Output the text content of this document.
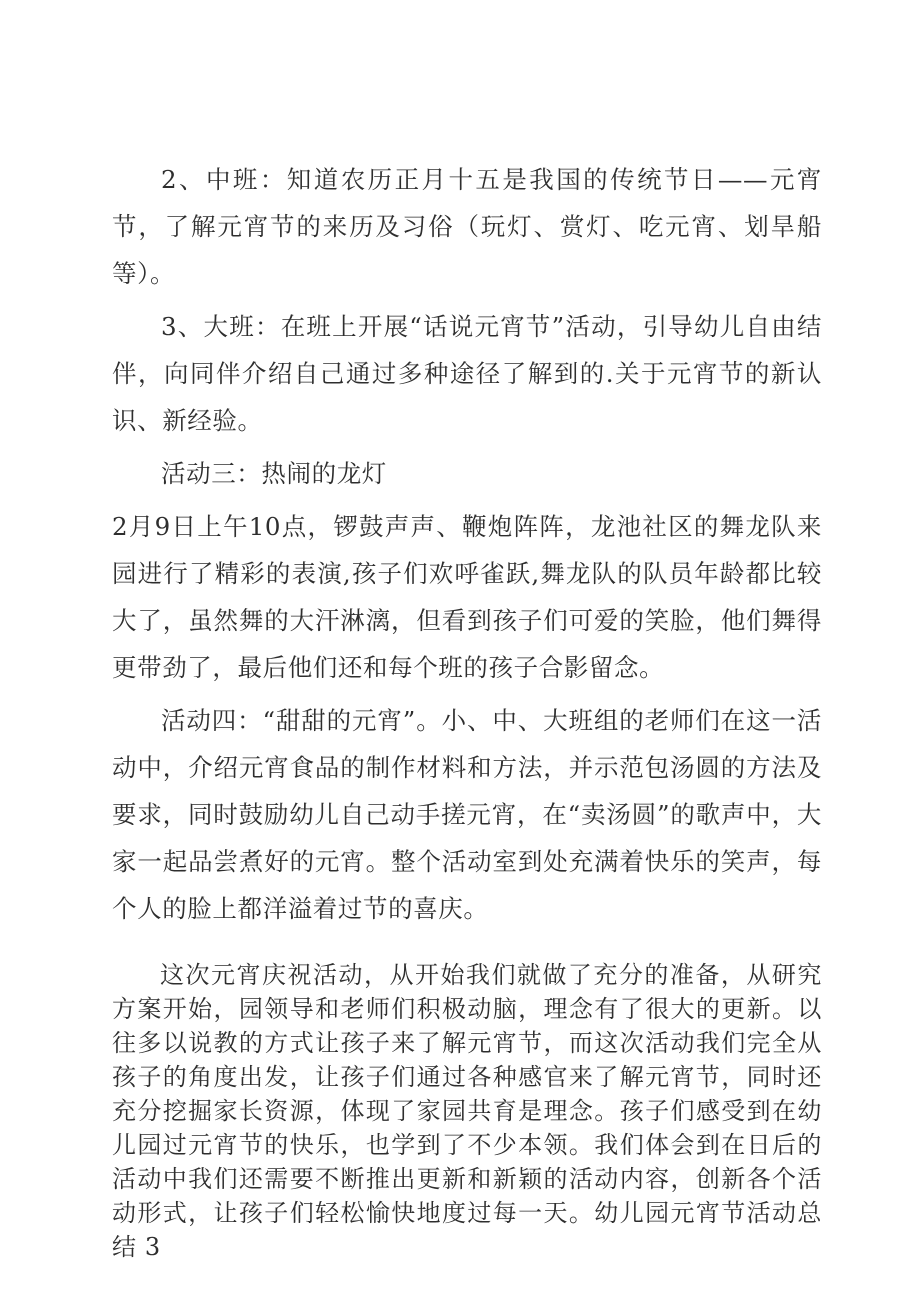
2、中班：知道农历正月十五是我国的传统节日——元宵节，了解元宵节的来历及习俗（玩灯、赏灯、吃元宵、划旱船等）。

3、大班：在班上开展“话说元宵节”活动，引导幼儿自由结伴，向同伴介绍自己通过多种途径了解到的.关于元宵节的新认识、新经验。

活动三：热闹的龙灯

2月9日上午10点，锣鼓声声、鞭炮阵阵，龙池社区的舞龙队来园进行了精彩的表演,孩子们欢呼雀跃,舞龙队的队员年龄都比较大了，虽然舞的大汗淋漓，但看到孩子们可爱的笑脸，他们舞得更带劲了，最后他们还和每个班的孩子合影留念。

活动四：“甜甜的元宵”。小、中、大班组的老师们在这一活动中，介绍元宵食品的制作材料和方法，并示范包汤圆的方法及要求，同时鼓励幼儿自己动手搓元宵，在“卖汤圆”的歌声中，大家一起品尝煮好的元宵。整个活动室到处充满着快乐的笑声，每个人的脸上都洋溢着过节的喜庆。

这次元宵庆祝活动，从开始我们就做了充分的准备，从研究方案开始，园领导和老师们积极动脑，理念有了很大的更新。以往多以说教的方式让孩子来了解元宵节，而这次活动我们完全从孩子的角度出发，让孩子们通过各种感官来了解元宵节，同时还充分挖掘家长资源，体现了家园共育是理念。孩子们感受到在幼儿园过元宵节的快乐，也学到了不少本领。我们体会到在日后的活动中我们还需要不断推出更新和新颖的活动内容，创新各个活动形式，让孩子们轻松愉快地度过每一天。幼儿园元宵节活动总结 3
